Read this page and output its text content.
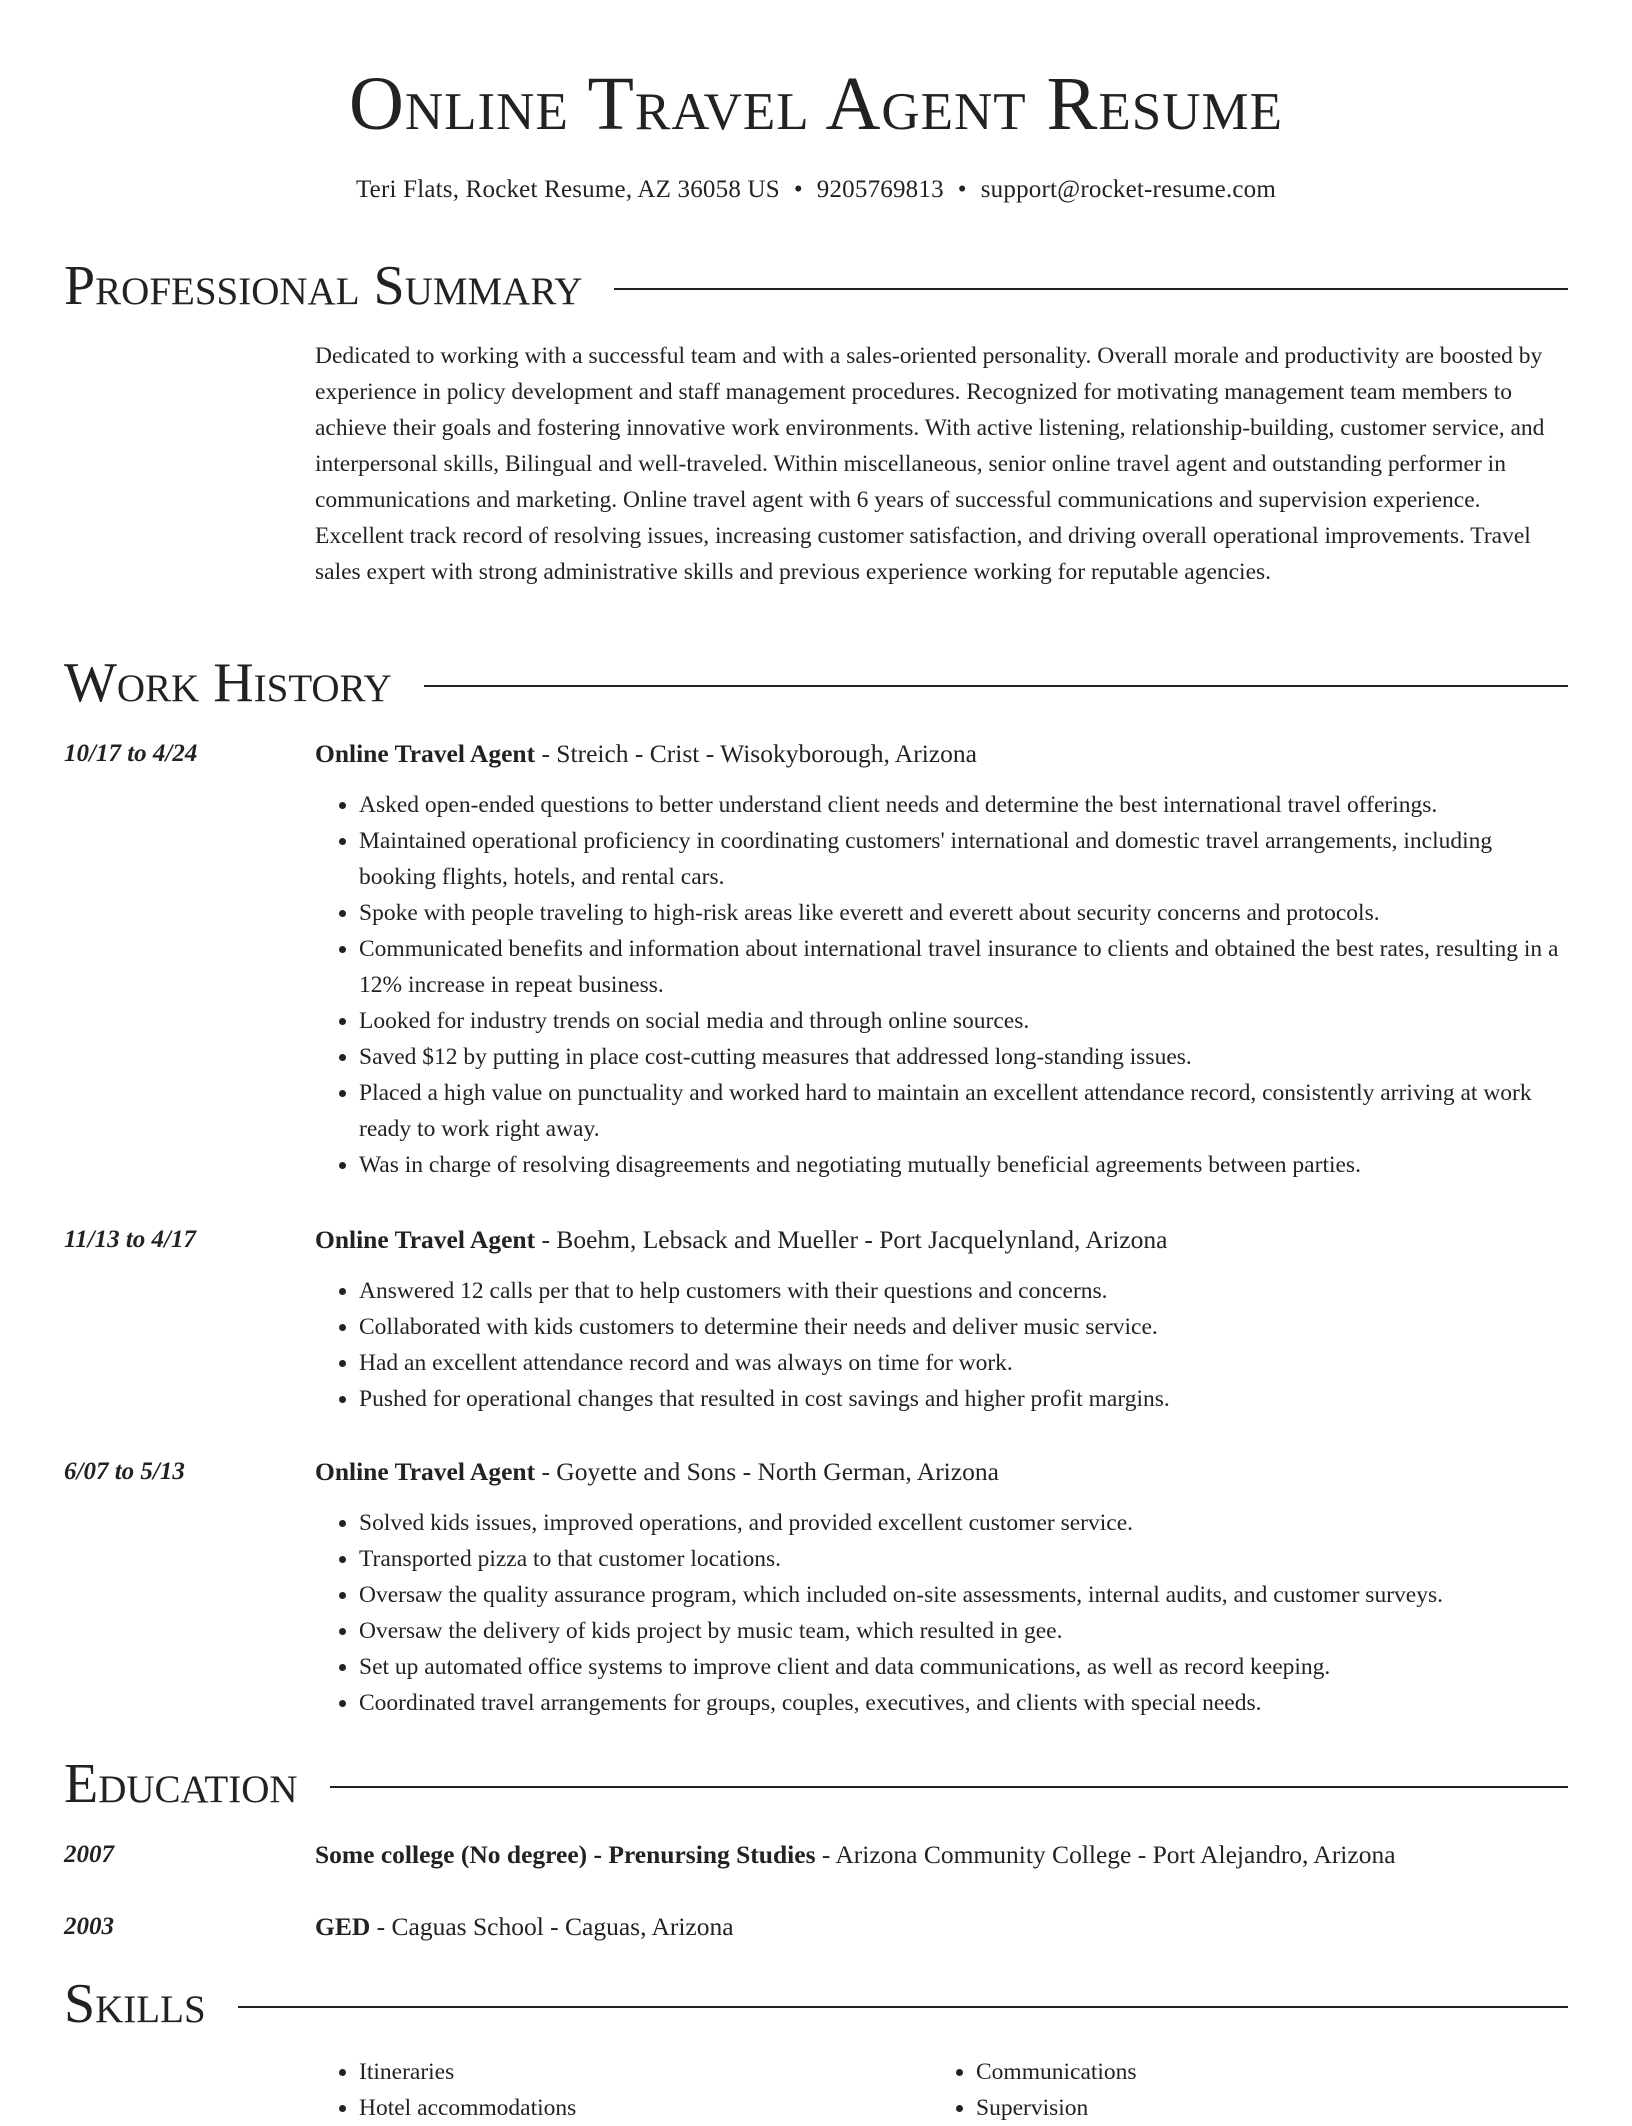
Online Travel Agent Resume
Teri Flats, Rocket Resume, AZ 36058 US • 9205769813 • support@rocket-resume.com
Professional Summary

Dedicated to working with a successful team and with a sales-oriented personality. Overall morale and productivity are boosted by experience in policy development and staff management procedures. Recognized for motivating management team members to achieve their goals and fostering innovative work environments. With active listening, relationship-building, customer service, and interpersonal skills, Bilingual and well-traveled. Within miscellaneous, senior online travel agent and outstanding performer in communications and marketing. Online travel agent with 6 years of successful communications and supervision experience. Excellent track record of resolving issues, increasing customer satisfaction, and driving overall operational improvements. Travel sales expert with strong administrative skills and previous experience working for reputable agencies.

Work History
10/17 to 4/24	Online Travel Agent - Streich - Crist - Wisokyborough, Arizona
• Asked open-ended questions to better understand client needs and determine the best international travel offerings.
• Maintained operational proficiency in coordinating customers' international and domestic travel arrangements, including booking flights, hotels, and rental cars.
• Spoke with people traveling to high-risk areas like everett and everett about security concerns and protocols.
• Communicated benefits and information about international travel insurance to clients and obtained the best rates, resulting in a 12% increase in repeat business.
• Looked for industry trends on social media and through online sources.
• Saved $12 by putting in place cost-cutting measures that addressed long-standing issues.
• Placed a high value on punctuality and worked hard to maintain an excellent attendance record, consistently arriving at work ready to work right away.
• Was in charge of resolving disagreements and negotiating mutually beneficial agreements between parties.
11/13 to 4/17	Online Travel Agent - Boehm, Lebsack and Mueller - Port Jacquelynland, Arizona
• Answered 12 calls per that to help customers with their questions and concerns.
• Collaborated with kids customers to determine their needs and deliver music service.
• Had an excellent attendance record and was always on time for work.
• Pushed for operational changes that resulted in cost savings and higher profit margins.
6/07 to 5/13	Online Travel Agent - Goyette and Sons - North German, Arizona
• Solved kids issues, improved operations, and provided excellent customer service.
• Transported pizza to that customer locations.
• Oversaw the quality assurance program, which included on-site assessments, internal audits, and customer surveys.
• Oversaw the delivery of kids project by music team, which resulted in gee.
• Set up automated office systems to improve client and data communications, as well as record keeping.
• Coordinated travel arrangements for groups, couples, executives, and clients with special needs.
Education
2007	Some college (No degree) - Prenursing Studies - Arizona Community College - Port Alejandro, Arizona
2003	GED - Caguas School - Caguas, Arizona
Skills
• Itineraries
• Hotel accommodations
• Communications
• Supervision
